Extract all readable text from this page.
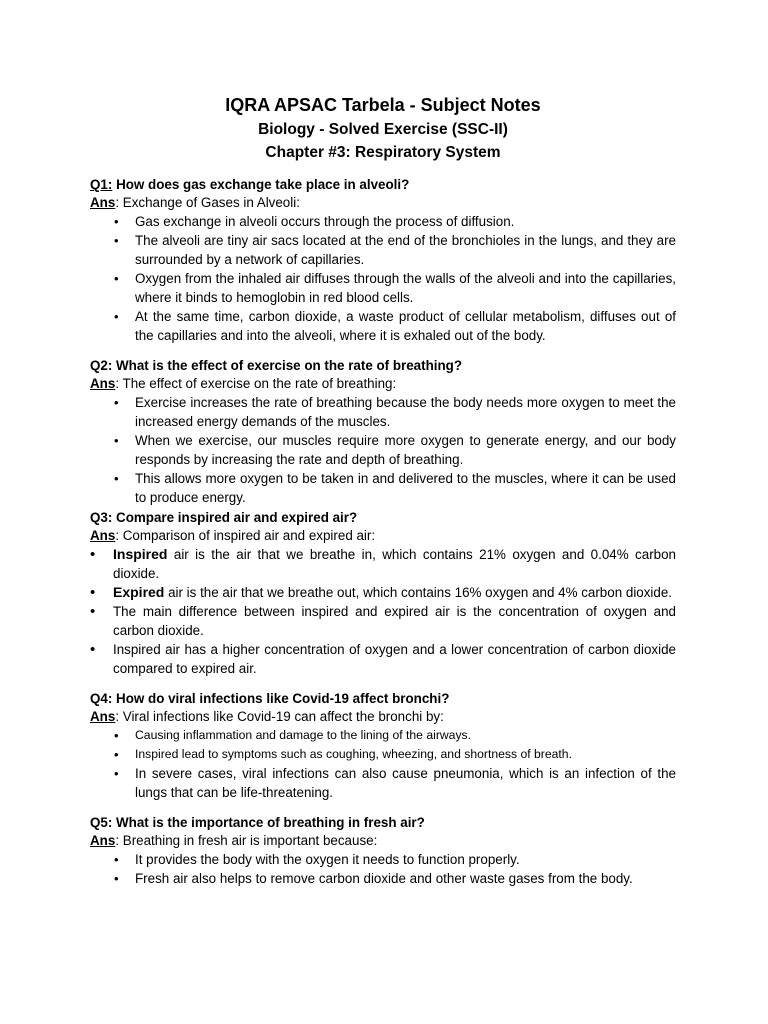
IQRA APSAC Tarbela - Subject Notes
Biology - Solved Exercise (SSC-II)
Chapter #3: Respiratory System

Q1: How does gas exchange take place in alveoli?

Ans: Exchange of Gases in Alveoli:

• Gas exchange in alveoli occurs through the process of diffusion.
• The alveoli are tiny air sacs located at the end of the bronchioles in the lungs, and they are surrounded by a network of capillaries.
• Oxygen from the inhaled air diffuses through the walls of the alveoli and into the capillaries, where it binds to hemoglobin in red blood cells.
• At the same time, carbon dioxide, a waste product of cellular metabolism, diffuses out of the capillaries and into the alveoli, where it is exhaled out of the body.

Q2: What is the effect of exercise on the rate of breathing?

Ans: The effect of exercise on the rate of breathing:

• Exercise increases the rate of breathing because the body needs more oxygen to meet the increased energy demands of the muscles.
• When we exercise, our muscles require more oxygen to generate energy, and our body responds by increasing the rate and depth of breathing.
• This allows more oxygen to be taken in and delivered to the muscles, where it can be used to produce energy.

Q3: Compare inspired air and expired air?

Ans: Comparison of inspired air and expired air:

• Inspired air is the air that we breathe in, which contains 21% oxygen and 0.04% carbon dioxide.
• Expired air is the air that we breathe out, which contains 16% oxygen and 4% carbon dioxide.
• The main difference between inspired and expired air is the concentration of oxygen and carbon dioxide.
• Inspired air has a higher concentration of oxygen and a lower concentration of carbon dioxide compared to expired air.

Q4: How do viral infections like Covid-19 affect bronchi?

Ans: Viral infections like Covid-19 can affect the bronchi by:

• Causing inflammation and damage to the lining of the airways.
• Inspired lead to symptoms such as coughing, wheezing, and shortness of breath.
• In severe cases, viral infections can also cause pneumonia, which is an infection of the lungs that can be life-threatening.

Q5: What is the importance of breathing in fresh air?

Ans: Breathing in fresh air is important because:

• It provides the body with the oxygen it needs to function properly.
• Fresh air also helps to remove carbon dioxide and other waste gases from the body.
